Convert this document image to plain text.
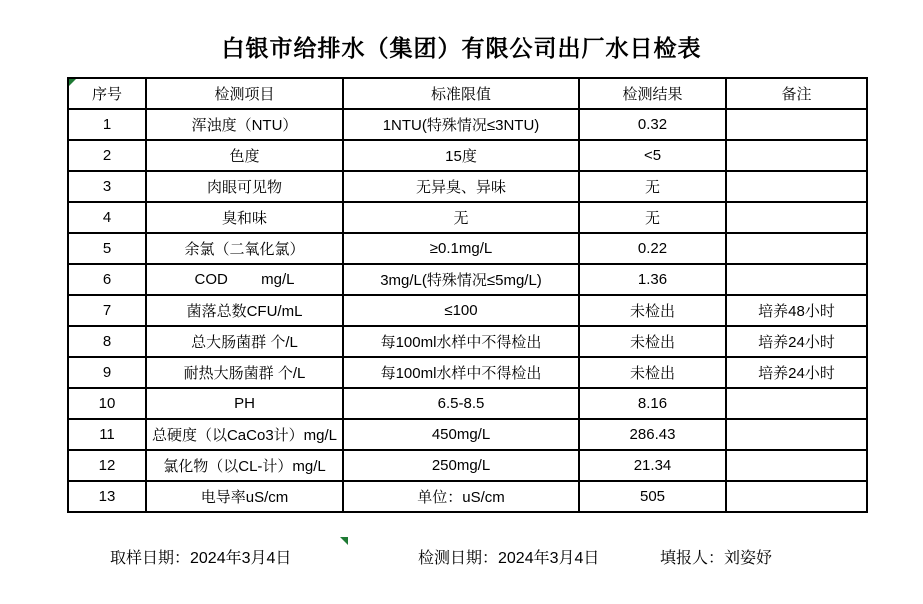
白银市给排水（集团）有限公司出厂水日检表
序号	检测项目	标准限值	检测结果	备注
1	浑浊度（NTU）	1NTU(特殊情况≤3NTU)	0.32	
2	色度	15度	<5	
3	肉眼可见物	无异臭、异味	无	
4	臭和味	无	无	
5	余氯（二氧化氯）	≥0.1mg/L	0.22	
6	COD        mg/L	3mg/L(特殊情况≤5mg/L)	1.36	
7	菌落总数CFU/mL	≤100	未检出	培养48小时
8	总大肠菌群 个/L	每100ml水样中不得检出	未检出	培养24小时
9	耐热大肠菌群 个/L	每100ml水样中不得检出	未检出	培养24小时
10	PH	6.5-8.5	8.16	
11	总硬度（以CaCo3计）mg/L	450mg/L	286.43	
12	氯化物（以CL-计）mg/L	250mg/L	21.34	
13	电导率uS/cm	单位：uS/cm	505	
取样日期：2024年3月4日	检测日期：2024年3月4日	填报人：刘姿妤
